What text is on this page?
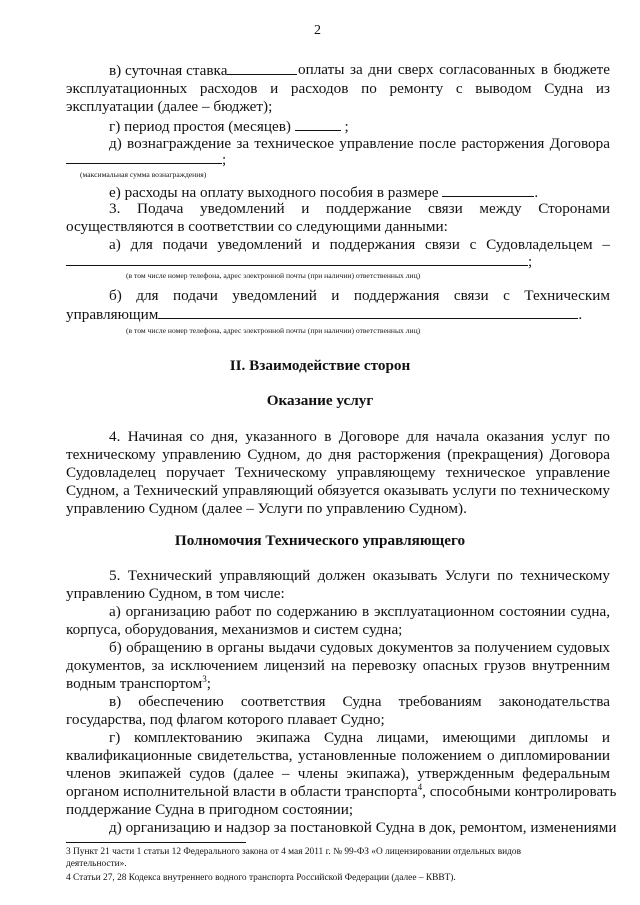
2
в) суточная ставка	оплаты за дни сверх согласованных в бюджете
эксплуатационных расходов и расходов по ремонту с выводом Судна из
эксплуатации (далее – бюджет);
г) период простоя (месяцев)	;
д) вознаграждение за техническое управление после расторжения Договора
;
(максимальная сумма вознаграждения)
е) расходы на оплату выходного пособия в размере	.
3. Подача уведомлений и поддержание связи между Сторонами
осуществляются в соответствии со следующими данными:
а) для подачи уведомлений и поддержания связи с Судовладельцем –
;
(в том числе номер телефона, адрес электронной почты (при наличии) ответственных лиц)
б) для подачи уведомлений и поддержания связи с Техническим
управляющим	.
(в том числе номер телефона, адрес электронной почты (при наличии) ответственных лиц)
II. Взаимодействие сторон
Оказание услуг
4. Начиная со дня, указанного в Договоре для начала оказания услуг по
техническому управлению Судном, до дня расторжения (прекращения) Договора
Судовладелец поручает Техническому управляющему техническое управление
Судном, а Технический управляющий обязуется оказывать услуги по техническому
управлению Судном (далее – Услуги по управлению Судном).
Полномочия Технического управляющего
5. Технический управляющий должен оказывать Услуги по техническому
управлению Судном, в том числе:
а) организацию работ по содержанию в эксплуатационном состоянии судна,
корпуса, оборудования, механизмов и систем судна;
б) обращению в органы выдачи судовых документов за получением судовых
документов, за исключением лицензий на перевозку опасных грузов внутренним
водным транспортом$^3$;
в) обеспечению соответствия Судна требованиям законодательства
государства, под флагом которого плавает Судно;
г) комплектованию экипажа Судна лицами, имеющими дипломы и
квалификационные свидетельства, установленные положением о дипломировании
членов экипажей судов (далее – члены экипажа), утвержденным федеральным
органом исполнительной власти в области транспорта$^4$, способными контролировать
поддержание Судна в пригодном состоянии;
д) организацию и надзор за постановкой Судна в док, ремонтом, изменениями
3 Пункт 21 части 1 статьи 12 Федерального закона от 4 мая 2011 г. № 99-ФЗ «О лицензировании отдельных видов
деятельности».
4 Статьи 27, 28 Кодекса внутреннего водного транспорта Российской Федерации (далее – КВВТ).
